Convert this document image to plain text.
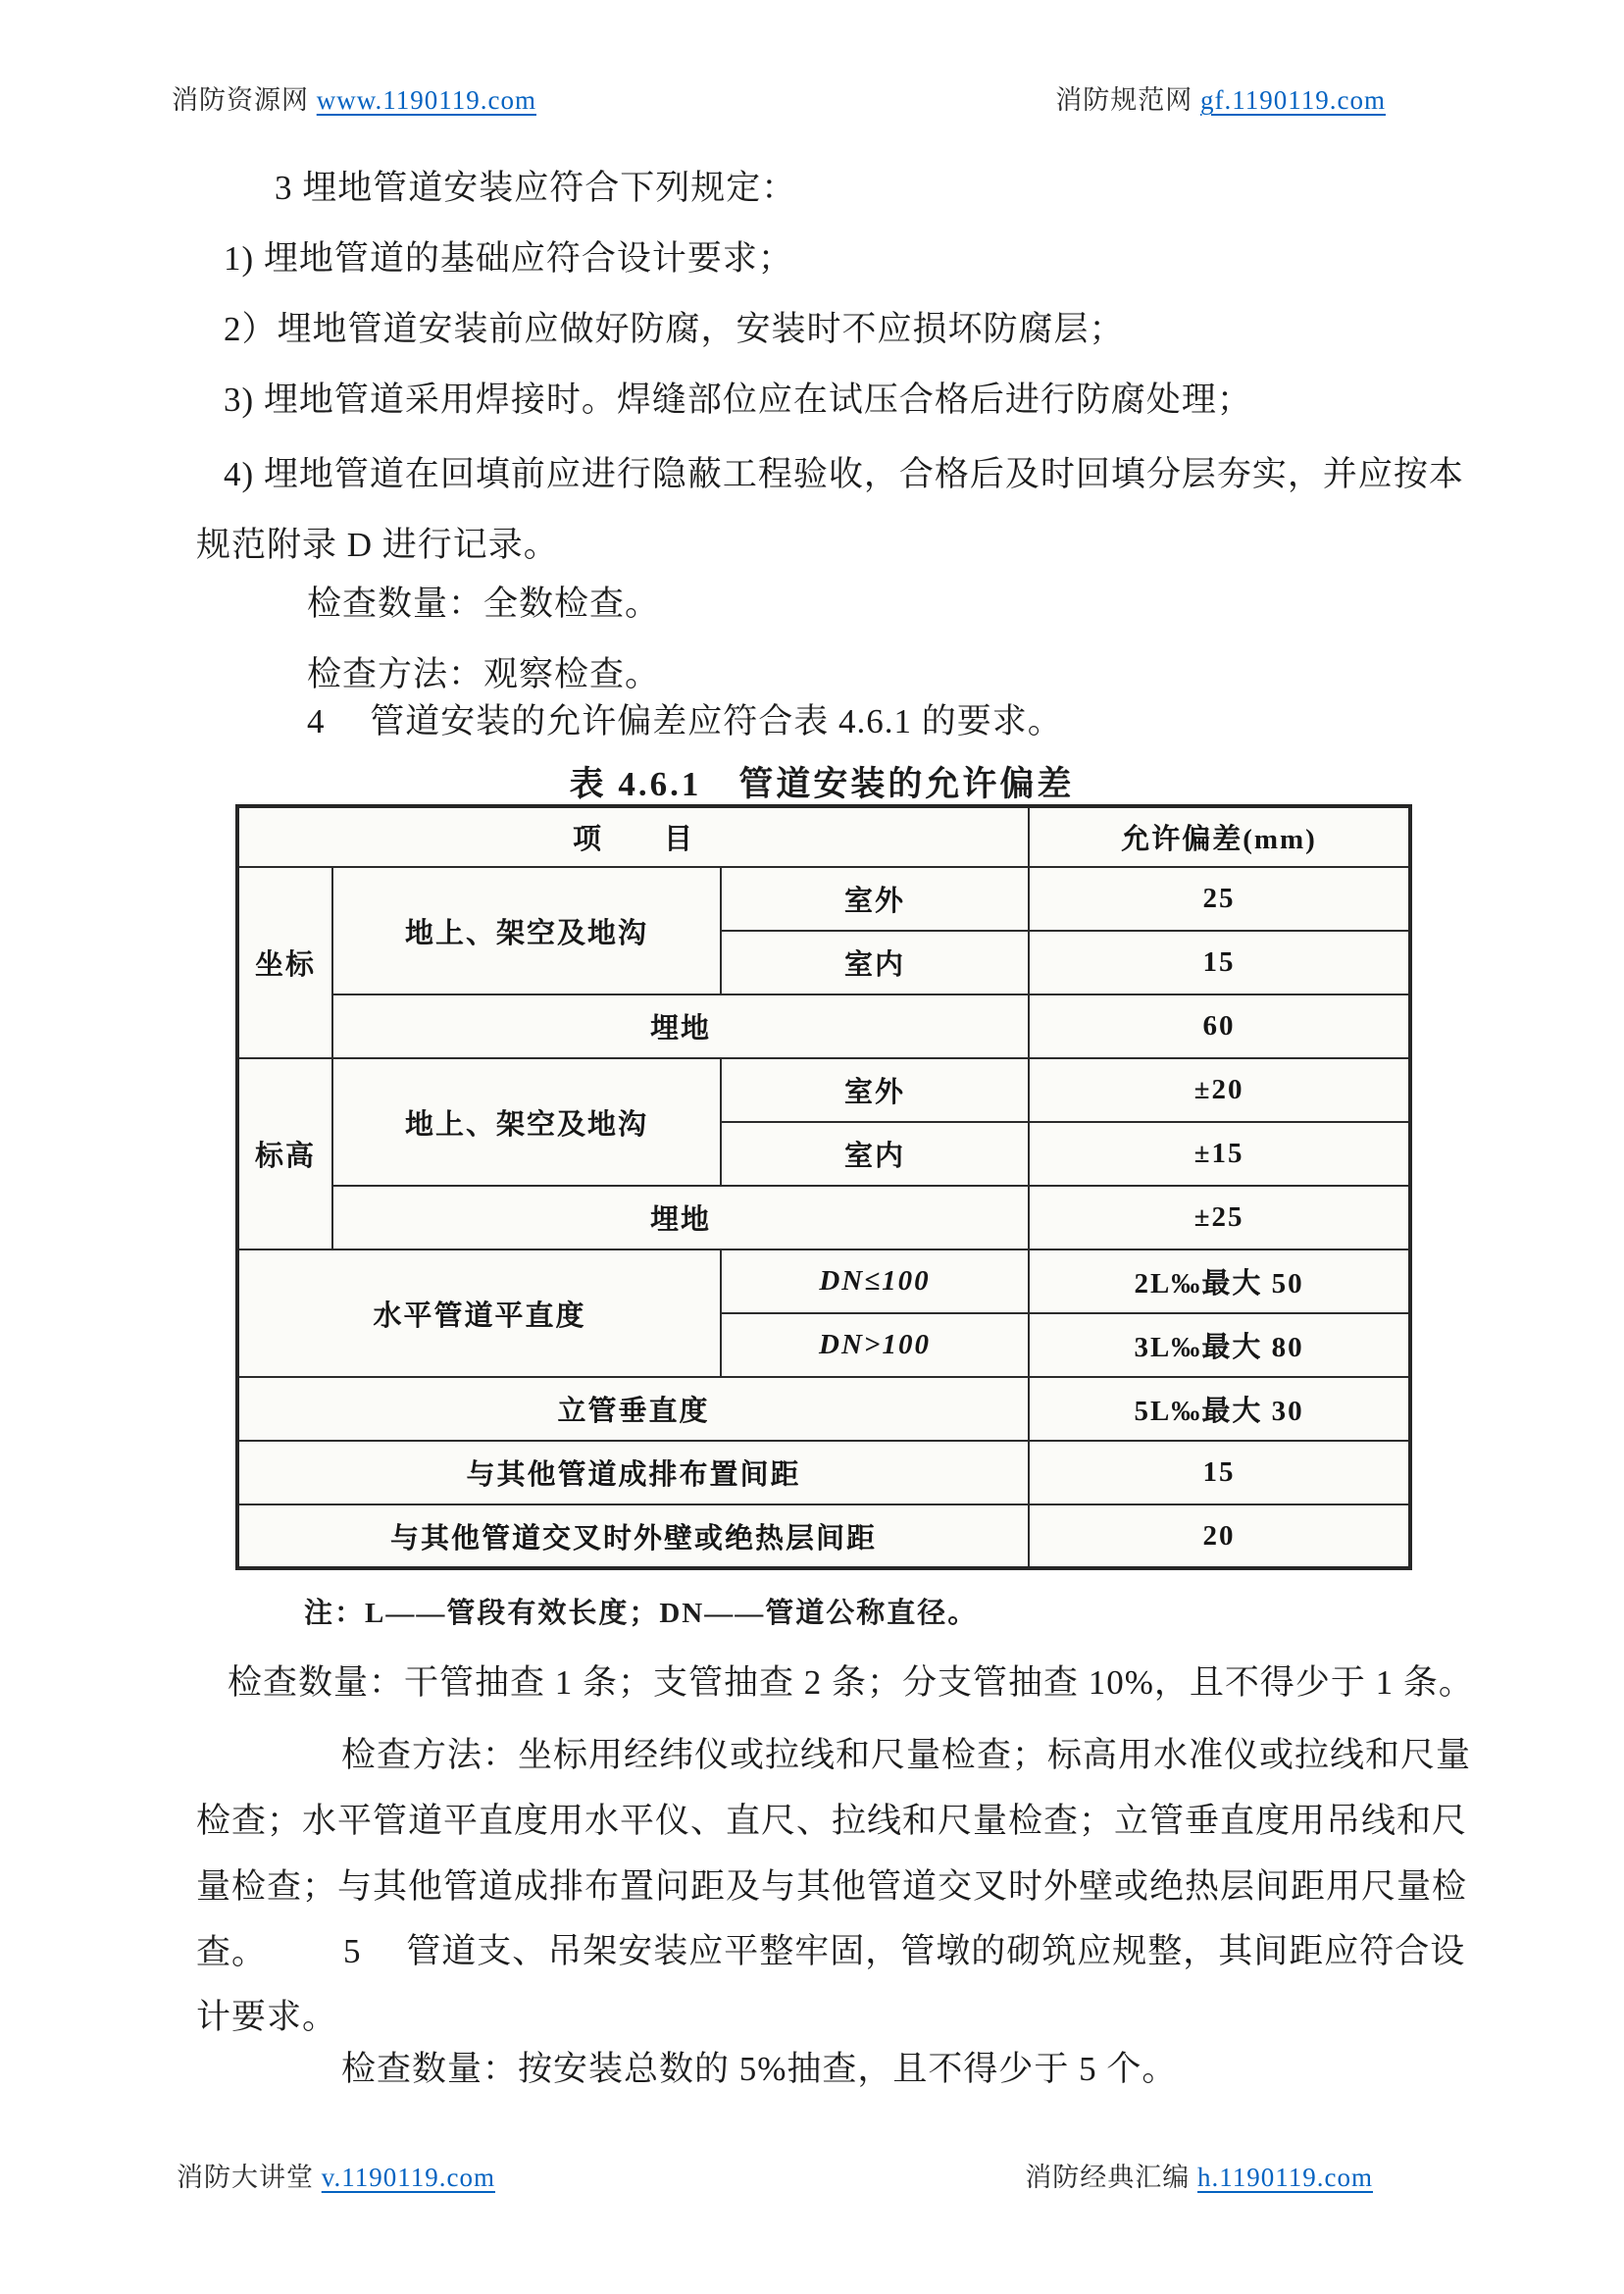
消防资源网 www.1190119.com	消防规范网 gf.1190119.com
3 埋地管道安装应符合下列规定：
1) 埋地管道的基础应符合设计要求；
2）埋地管道安装前应做好防腐，安装时不应损坏防腐层；
3) 埋地管道采用焊接时。焊缝部位应在试压合格后进行防腐处理；
4) 埋地管道在回填前应进行隐蔽工程验收，合格后及时回填分层夯实，并应按本规范附录 D 进行记录。
检查数量：全数检查。
检查方法：观察检查。
4　 管道安装的允许偏差应符合表 4.6.1 的要求。
表 4.6.1　管道安装的允许偏差
项　　目			允许偏差(mm)
坐标	地上、架空及地沟	室外	25
		室内	15
	埋地		60
标高	地上、架空及地沟	室外	±20
		室内	±15
	埋地		±25
水平管道平直度		DN≤100	2L‰最大 50
		DN>100	3L‰最大 80
立管垂直度			5L‰最大 30
与其他管道成排布置间距			15
与其他管道交叉时外壁或绝热层间距			20
注：L——管段有效长度；DN——管道公称直径。
检查数量：干管抽查 1 条；支管抽查 2 条；分支管抽查 10%，且不得少于 1 条。
检查方法：坐标用经纬仪或拉线和尺量检查；标高用水准仪或拉线和尺量检查；水平管道平直度用水平仪、直尺、拉线和尺量检查；立管垂直度用吊线和尺量检查；与其他管道成排布置问距及与其他管道交叉时外壁或绝热层间距用尺量检查。	5　 管道支、吊架安装应平整牢固，管墩的砌筑应规整，其间距应符合设计要求。
检查数量：按安装总数的 5%抽查，且不得少于 5 个。
消防大讲堂 v.1190119.com	消防经典汇编 h.1190119.com
